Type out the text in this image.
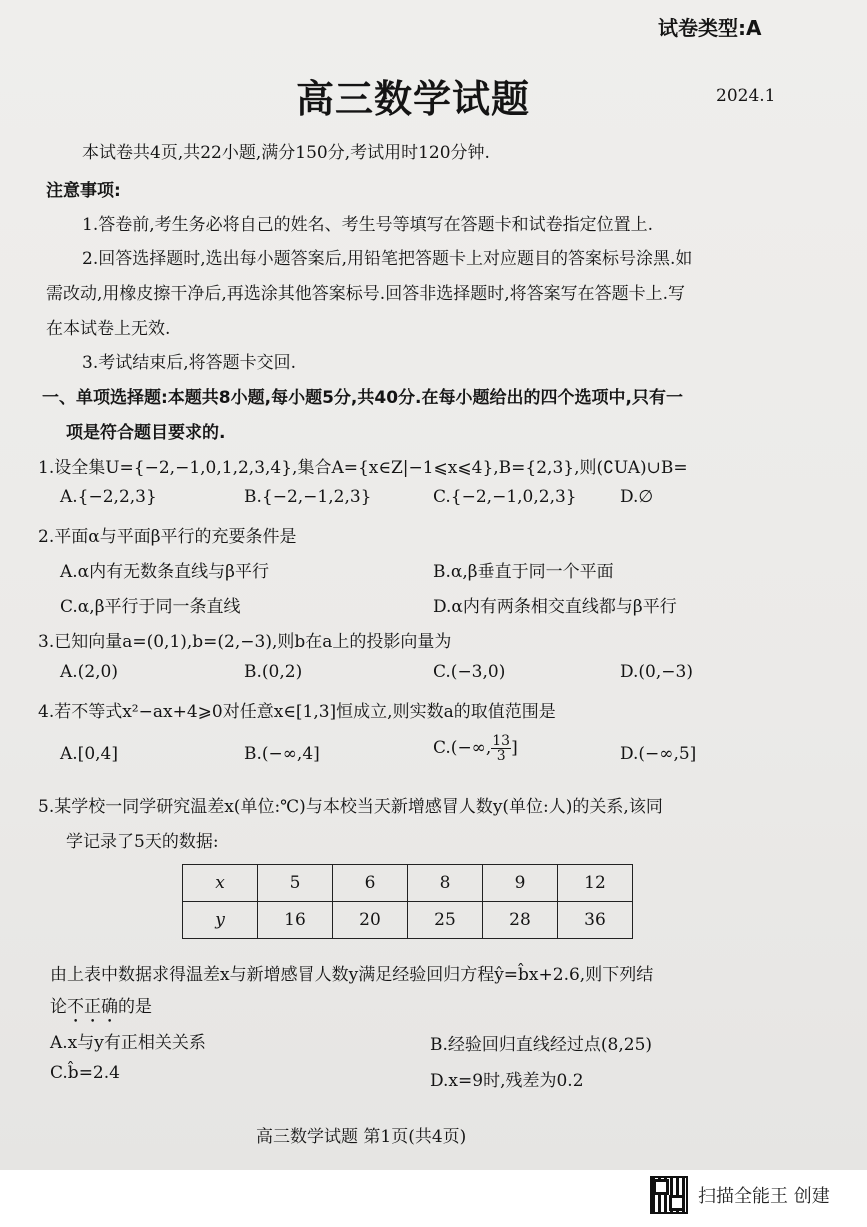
试卷类型:A
高三数学试题	2024.1
本试卷共4页,共22小题,满分150分,考试用时120分钟.
注意事项:
1.答卷前,考生务必将自己的姓名、考生号等填写在答题卡和试卷指定位置上.
2.回答选择题时,选出每小题答案后,用铅笔把答题卡上对应题目的答案标号涂黑.如
需改动,用橡皮擦干净后,再选涂其他答案标号.回答非选择题时,将答案写在答题卡上.写
在本试卷上无效.
3.考试结束后,将答题卡交回.
一、单项选择题:本题共8小题,每小题5分,共40分.在每小题给出的四个选项中,只有一
项是符合题目要求的.
1.设全集U={−2,−1,0,1,2,3,4},集合A={x∈Z|−1⩽x⩽4},B={2,3},则(∁UA)∪B=
A.{−2,2,3}	B.{−2,−1,2,3}	C.{−2,−1,0,2,3}	D.∅
2.平面α与平面β平行的充要条件是
A.α内有无数条直线与β平行	B.α,β垂直于同一个平面
C.α,β平行于同一条直线	D.α内有两条相交直线都与β平行
3.已知向量a=(0,1),b=(2,−3),则b在a上的投影向量为
A.(2,0)	B.(0,2)	C.(−3,0)	D.(0,−3)
4.若不等式x²−ax+4⩾0对任意x∈[1,3]恒成立,则实数a的取值范围是
A.[0,4]	B.(−∞,4]	C.(−∞, $\frac{13}{3}$ ]	D.(−∞,5]
5.某学校一同学研究温差x(单位:℃)与本校当天新增感冒人数y(单位:人)的关系,该同
学记录了5天的数据:
x	5	6	8	9	12
y	16	20	25	28	36
由上表中数据求得温差x与新增感冒人数y满足经验回归方程ŷ=b̂x+2.6,则下列结
论不正确的是
A.x与y有正相关关系	B.经验回归直线经过点(8,25)
C.b̂=2.4	D.x=9时,残差为0.2
高三数学试题 第1页(共4页)
扫描全能王 创建
